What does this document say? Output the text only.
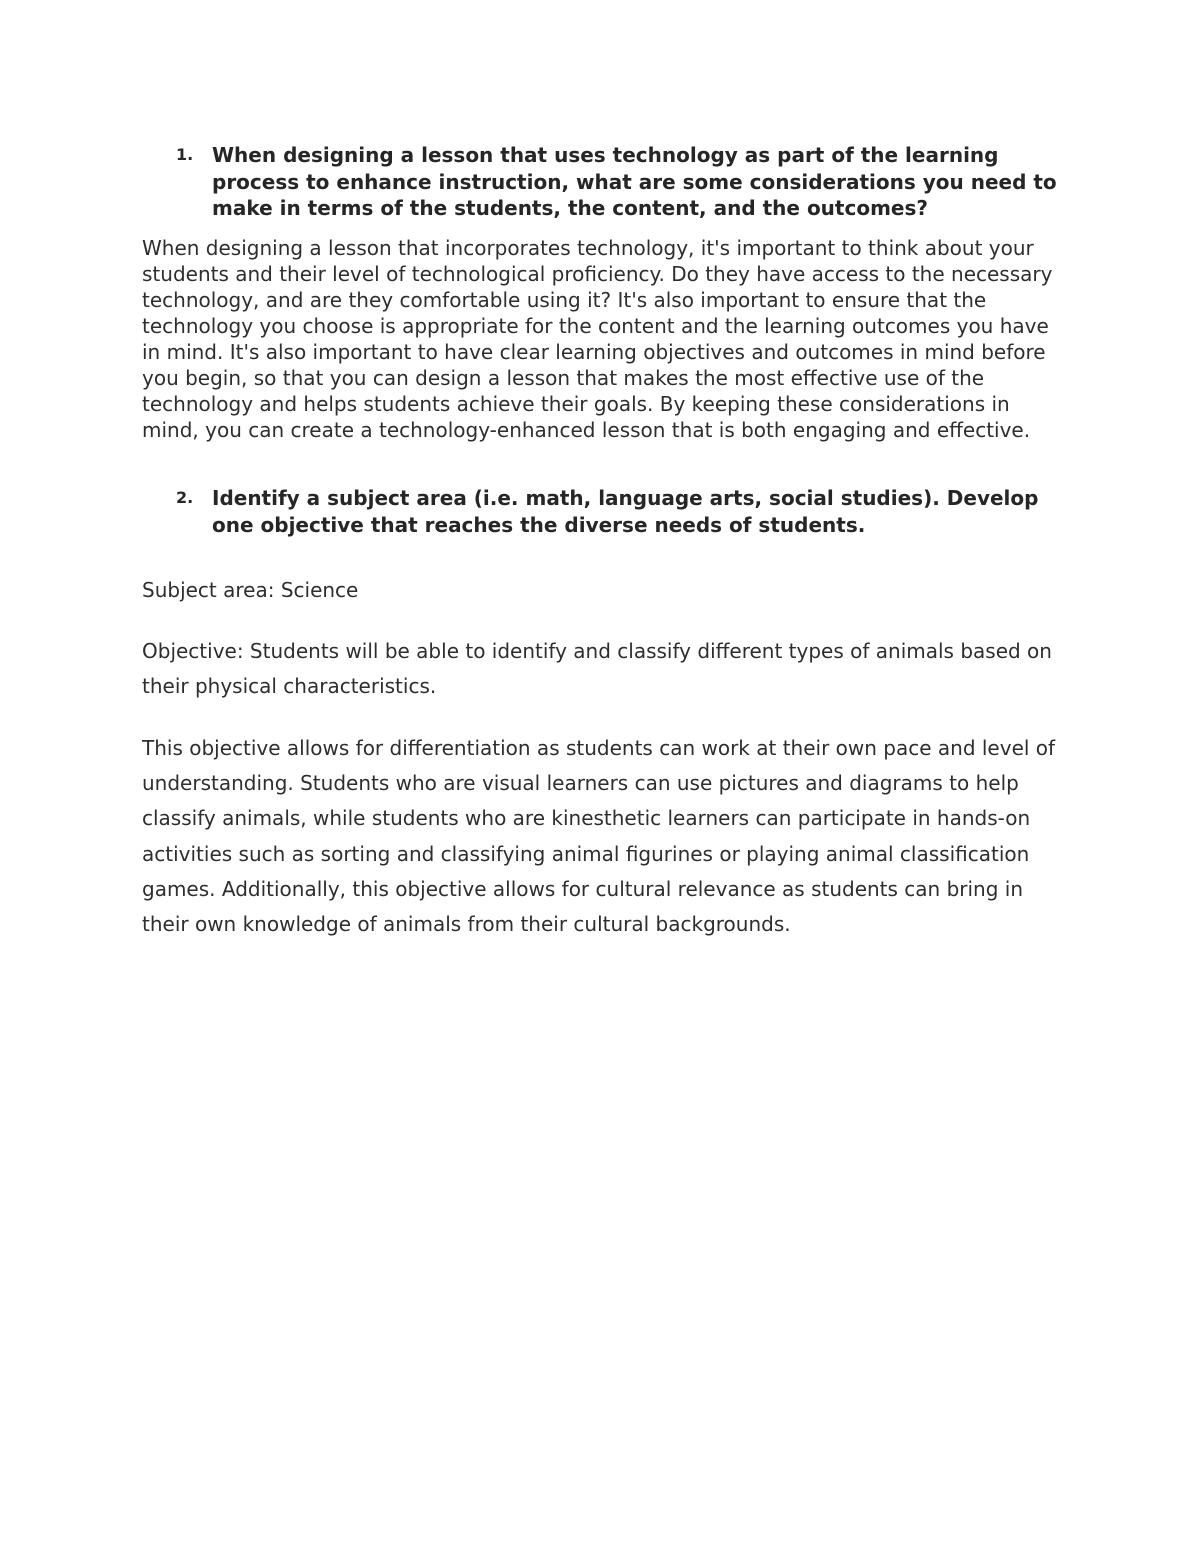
1. When designing a lesson that uses technology as part of the learning process to enhance instruction, what are some considerations you need to make in terms of the students, the content, and the outcomes?
When designing a lesson that incorporates technology, it's important to think about your students and their level of technological proficiency. Do they have access to the necessary technology, and are they comfortable using it? It's also important to ensure that the technology you choose is appropriate for the content and the learning outcomes you have in mind. It's also important to have clear learning objectives and outcomes in mind before you begin, so that you can design a lesson that makes the most effective use of the technology and helps students achieve their goals. By keeping these considerations in mind, you can create a technology-enhanced lesson that is both engaging and effective.
2. Identify a subject area (i.e. math, language arts, social studies). Develop one objective that reaches the diverse needs of students.

Subject area: Science

Objective: Students will be able to identify and classify different types of animals based on their physical characteristics.

This objective allows for differentiation as students can work at their own pace and level of understanding. Students who are visual learners can use pictures and diagrams to help classify animals, while students who are kinesthetic learners can participate in hands-on activities such as sorting and classifying animal figurines or playing animal classification games. Additionally, this objective allows for cultural relevance as students can bring in their own knowledge of animals from their cultural backgrounds.
